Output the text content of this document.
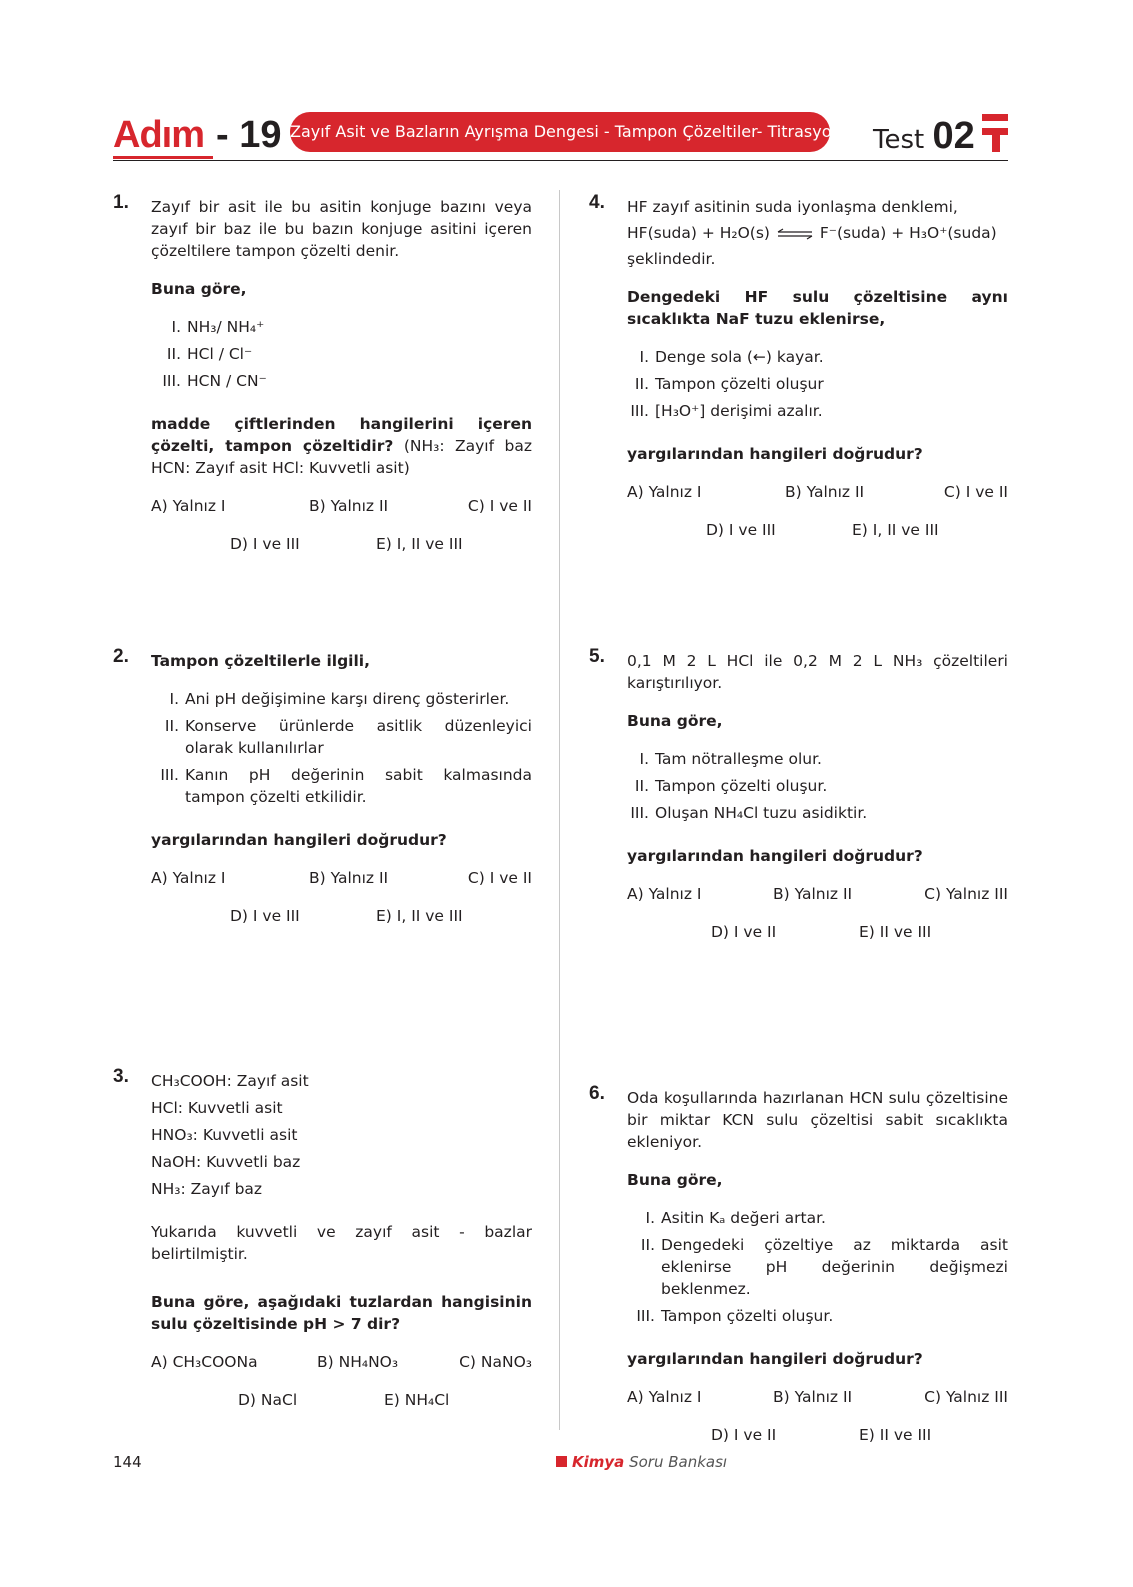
Adım - 19 Zayıf Asit ve Bazların Ayrışma Dengesi - Tampon Çözeltiler- Titrasyon Test 02
1. Zayıf bir asit ile bu asitin konjuge bazını veya zayıf bir baz ile bu bazın konjuge asitini içeren çözeltilere tampon çözelti denir.

Buna göre,

I. NH₃/ NH₄⁺
II. HCl / Cl⁻
III. HCN / CN⁻

madde çiftlerinden hangilerini içeren çözelti, tampon çözeltidir? (NH₃: Zayıf baz HCN: Zayıf asit HCl: Kuvvetli asit)

A) Yalnız I	B) Yalnız II	C) I ve II
D) I ve III	E) I, II ve III
2. Tampon çözeltilerle ilgili,

I. Ani pH değişimine karşı direnç gösterirler.
II. Konserve ürünlerde asitlik düzenleyici olarak kullanılırlar
III. Kanın pH değerinin sabit kalmasında tampon çözelti etkilidir.

yargılarından hangileri doğrudur?

A) Yalnız I	B) Yalnız II	C) I ve II
D) I ve III	E) I, II ve III
3. CH₃COOH: Zayıf asit
HCl: Kuvvetli asit
HNO₃: Kuvvetli asit
NaOH: Kuvvetli baz
NH₃: Zayıf baz

Yukarıda kuvvetli ve zayıf asit - bazlar belirtilmiştir.

Buna göre, aşağıdaki tuzlardan hangisinin sulu çözeltisinde pH > 7 dir?

A) CH₃COONa	B) NH₄NO₃	C) NaNO₃
D) NaCl	E) NH₄Cl
4. HF zayıf asitinin suda iyonlaşma denklemi,

HF(suda) + H₂O(s) ⇌ F⁻(suda) + H₃O⁺(suda)

şeklindedir.

Dengedeki HF sulu çözeltisine aynı sıcaklıkta NaF tuzu eklenirse,

I. Denge sola (←) kayar.
II. Tampon çözelti oluşur
III. [H₃O⁺] derişimi azalır.

yargılarından hangileri doğrudur?

A) Yalnız I	B) Yalnız II	C) I ve II
D) I ve III	E) I, II ve III
5. 0,1 M 2 L HCl ile 0,2 M 2 L NH₃ çözeltileri karıştırılıyor.

Buna göre,

I. Tam nötralleşme olur.
II. Tampon çözelti oluşur.
III. Oluşan NH₄Cl tuzu asidiktir.

yargılarından hangileri doğrudur?

A) Yalnız I	B) Yalnız II	C) Yalnız III
D) I ve II	E) II ve III
6. Oda koşullarında hazırlanan HCN sulu çözeltisine bir miktar KCN sulu çözeltisi sabit sıcaklıkta ekleniyor.

Buna göre,

I. Asitin Kₐ değeri artar.
II. Dengedeki çözeltiye az miktarda asit eklenirse pH değerinin değişmezi beklenmez.
III. Tampon çözelti oluşur.

yargılarından hangileri doğrudur?

A) Yalnız I	B) Yalnız II	C) Yalnız III
D) I ve II	E) II ve III
144	Kimya Soru Bankası
